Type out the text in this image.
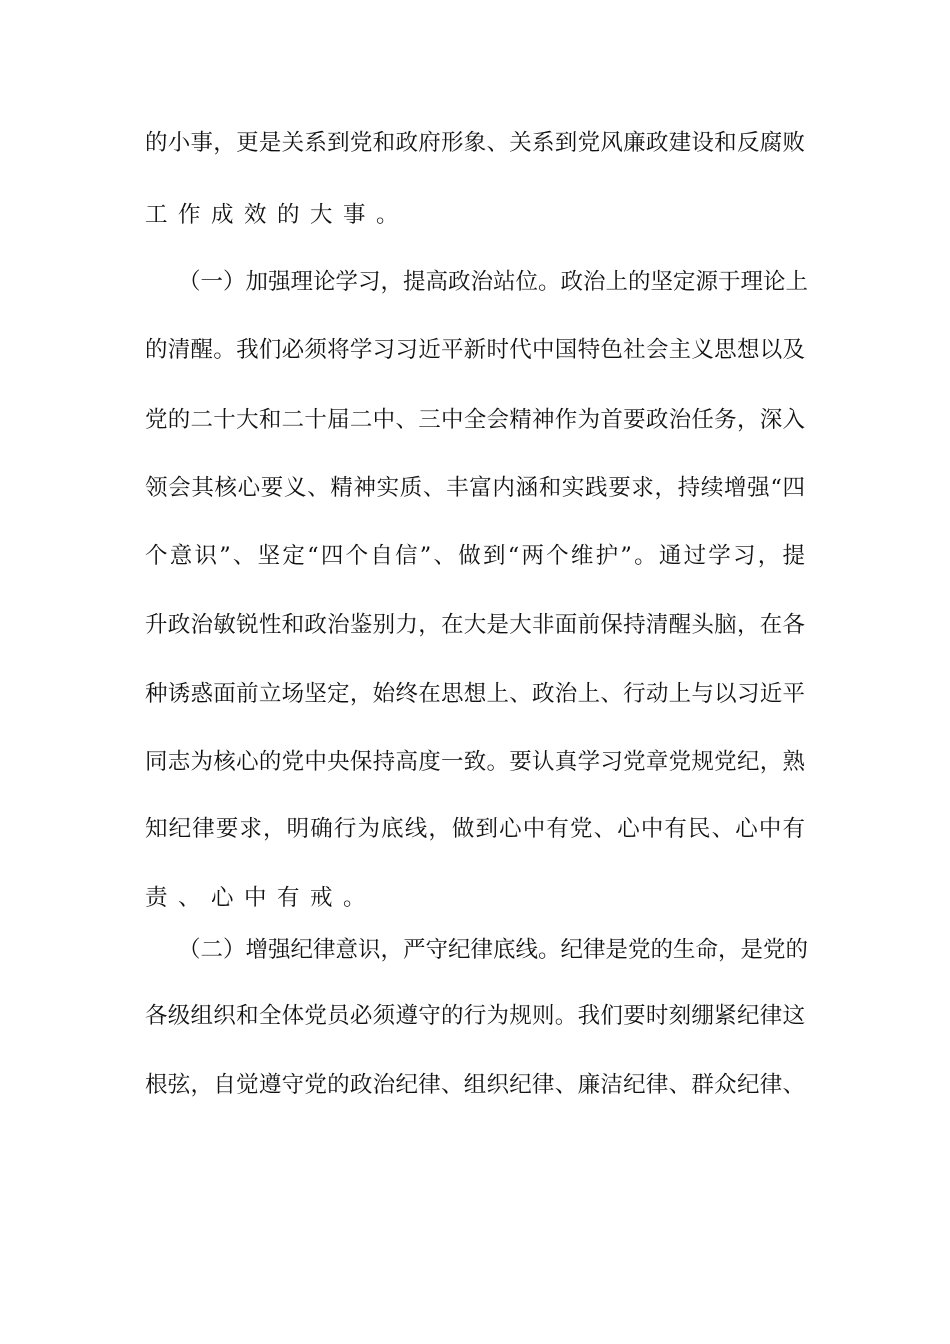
的小事，更是关系到党和政府形象、关系到党风廉政建设和反腐败
工作成效的大事。
（一）加强理论学习，提高政治站位。政治上的坚定源于理论上
的清醒。我们必须将学习习近平新时代中国特色社会主义思想以及
党的二十大和二十届二中、三中全会精神作为首要政治任务，深入
领会其核心要义、精神实质、丰富内涵和实践要求，持续增强“四
个意识”、坚定“四个自信”、做到“两个维护”。通过学习，提
升政治敏锐性和政治鉴别力，在大是大非面前保持清醒头脑，在各
种诱惑面前立场坚定，始终在思想上、政治上、行动上与以习近平
同志为核心的党中央保持高度一致。要认真学习党章党规党纪，熟
知纪律要求，明确行为底线，做到心中有党、心中有民、心中有
责、心中有戒。
（二）增强纪律意识，严守纪律底线。纪律是党的生命，是党的
各级组织和全体党员必须遵守的行为规则。我们要时刻绷紧纪律这
根弦，自觉遵守党的政治纪律、组织纪律、廉洁纪律、群众纪律、
